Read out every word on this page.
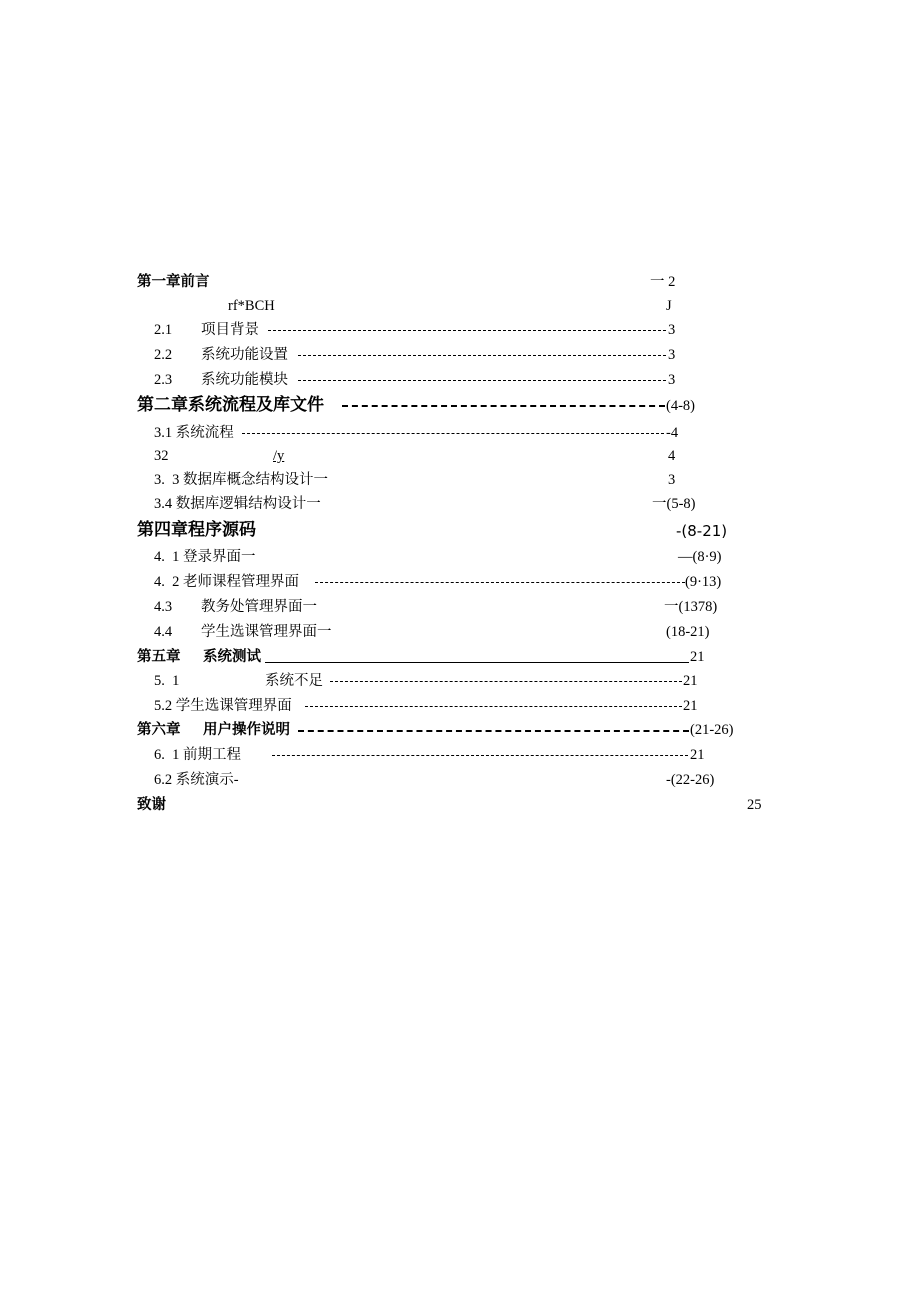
第一章前言	一 2
rf*BCH	J
2.1 项目背景	3
2.2 系统功能设置	3
2.3 系统功能模块	3
第二章系统流程及库文件	(4-8)
3.1 系统流程	-4
32	/y	4
3.  3 数据库概念结构设计一	3
3.4 数据库逻辑结构设计一	一(5-8)
第四章程序源码	-(8-21)
4.  1 登录界面一	—(8·9)
4.  2 老师课程管理界面	(9·13)
4.3 教务处管理界面一	一(1378)
4.4 学生选课管理界面一	(18-21)
第五章 系统测试	21
5.  1	系统不足	21
5.2 学生选课管理界面	21
第六章 用户操作说明	(21-26)
6.  1 前期工程	21
6.2 系统演示-	-(22-26)
致谢	25
